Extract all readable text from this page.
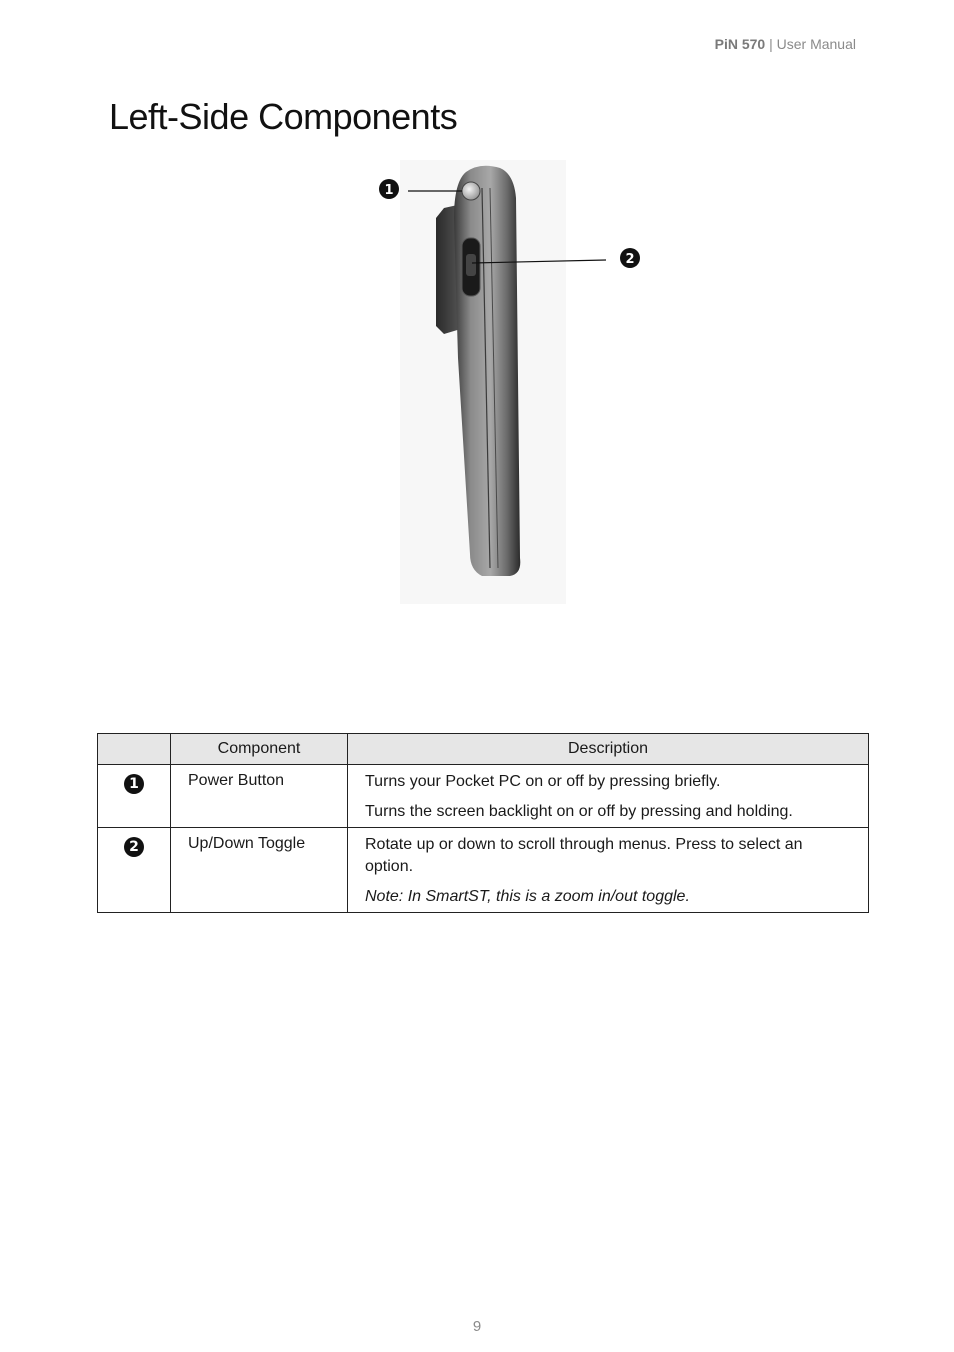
PiN 570 | User Manual
Left-Side Components
1
2
	Component	Description
1	Power Button	Turns your Pocket PC on or off by pressing briefly.

		Turns the screen backlight on or off by pressing and holding.

2	Up/Down Toggle	Rotate up or down to scroll through menus. Press to select an option.

		Note: In SmartST, this is a zoom in/out toggle.
9
